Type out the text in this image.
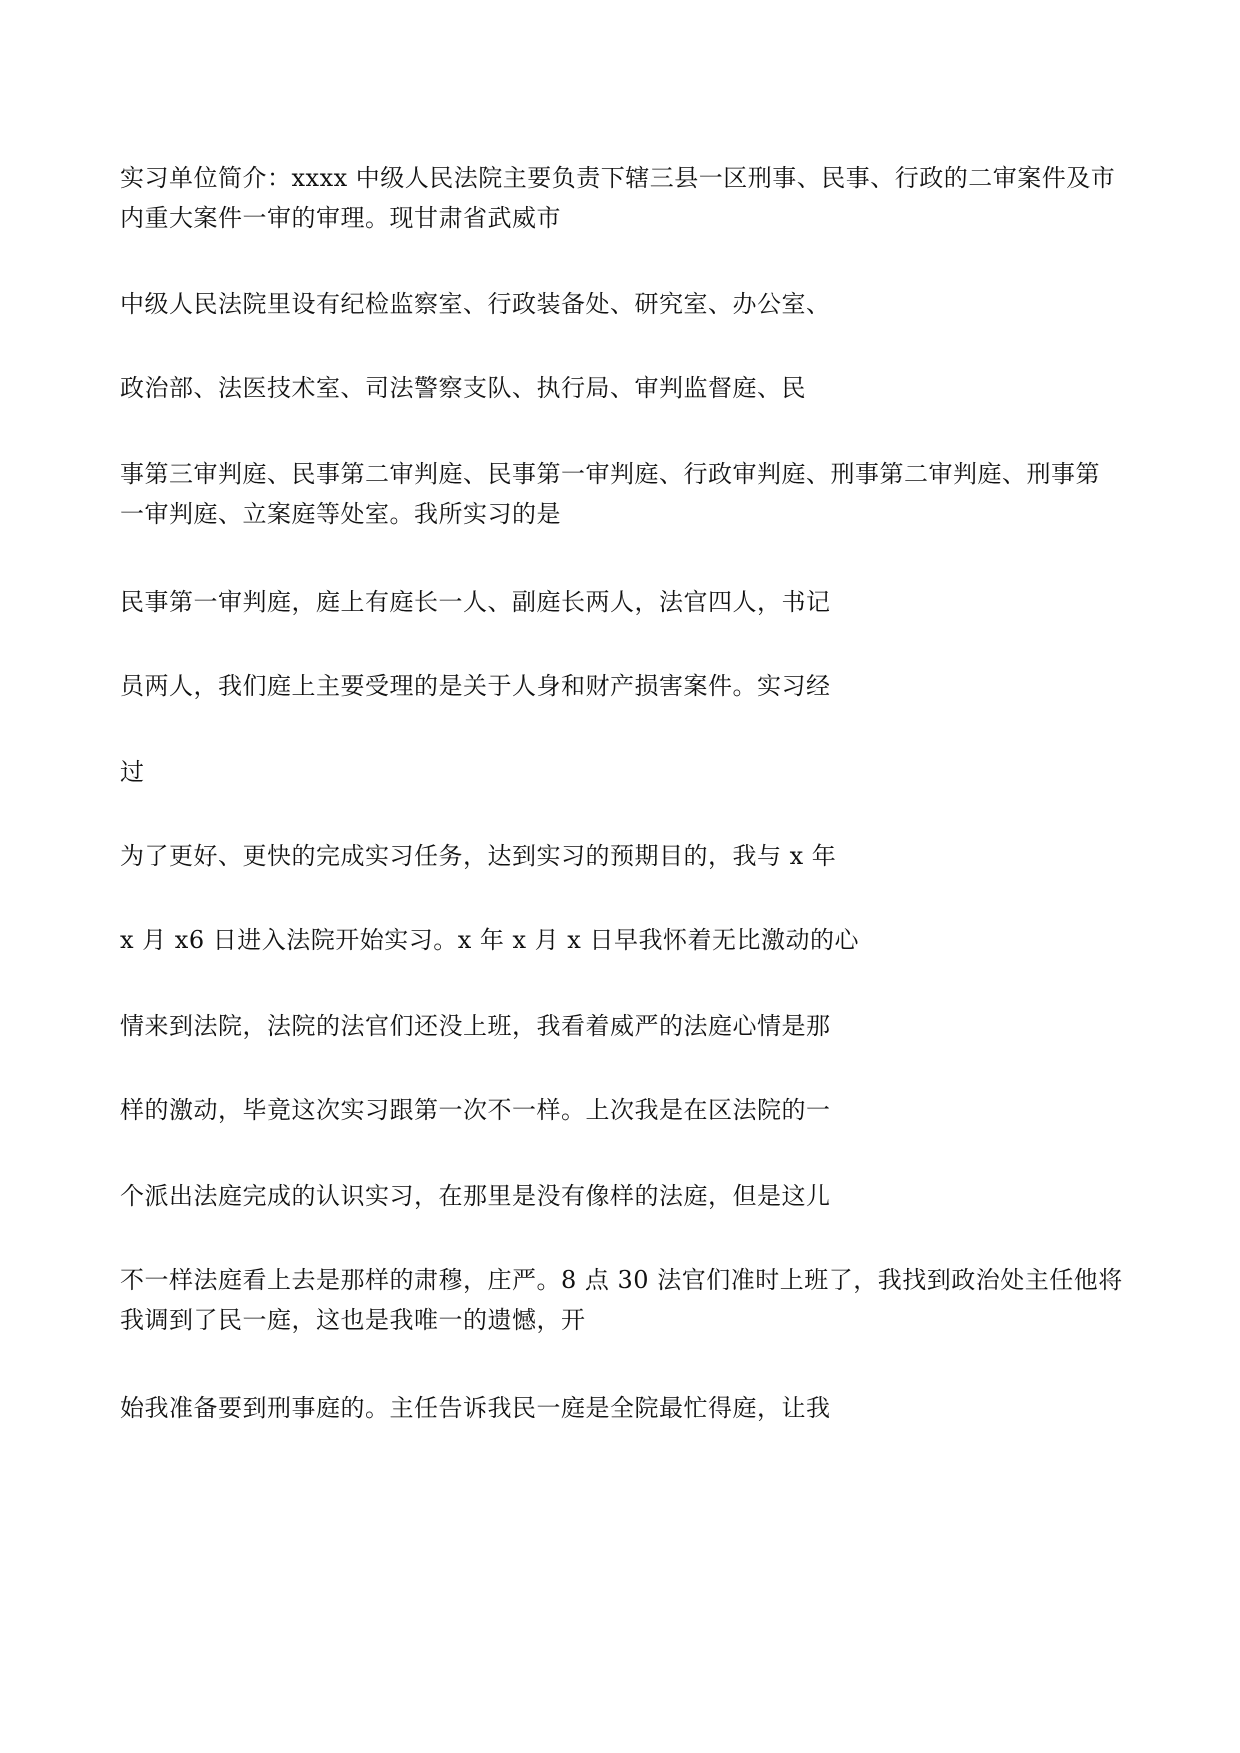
实习单位简介：xxxx 中级人民法院主要负责下辖三县一区刑事、民事、行政的二审案件及市
内重大案件一审的审理。现甘肃省武威市
中级人民法院里设有纪检监察室、行政装备处、研究室、办公室、
政治部、法医技术室、司法警察支队、执行局、审判监督庭、民
事第三审判庭、民事第二审判庭、民事第一审判庭、行政审判庭、刑事第二审判庭、刑事第
一审判庭、立案庭等处室。我所实习的是
民事第一审判庭，庭上有庭长一人、副庭长两人，法官四人，书记
员两人，我们庭上主要受理的是关于人身和财产损害案件。实习经
过
为了更好、更快的完成实习任务，达到实习的预期目的，我与 x 年
x 月 x6 日进入法院开始实习。x 年 x 月 x 日早我怀着无比激动的心
情来到法院，法院的法官们还没上班，我看着威严的法庭心情是那
样的激动，毕竟这次实习跟第一次不一样。上次我是在区法院的一
个派出法庭完成的认识实习，在那里是没有像样的法庭，但是这儿
不一样法庭看上去是那样的肃穆，庄严。8 点 30 法官们准时上班了，我找到政治处主任他将
我调到了民一庭，这也是我唯一的遗憾，开
始我准备要到刑事庭的。主任告诉我民一庭是全院最忙得庭，让我
